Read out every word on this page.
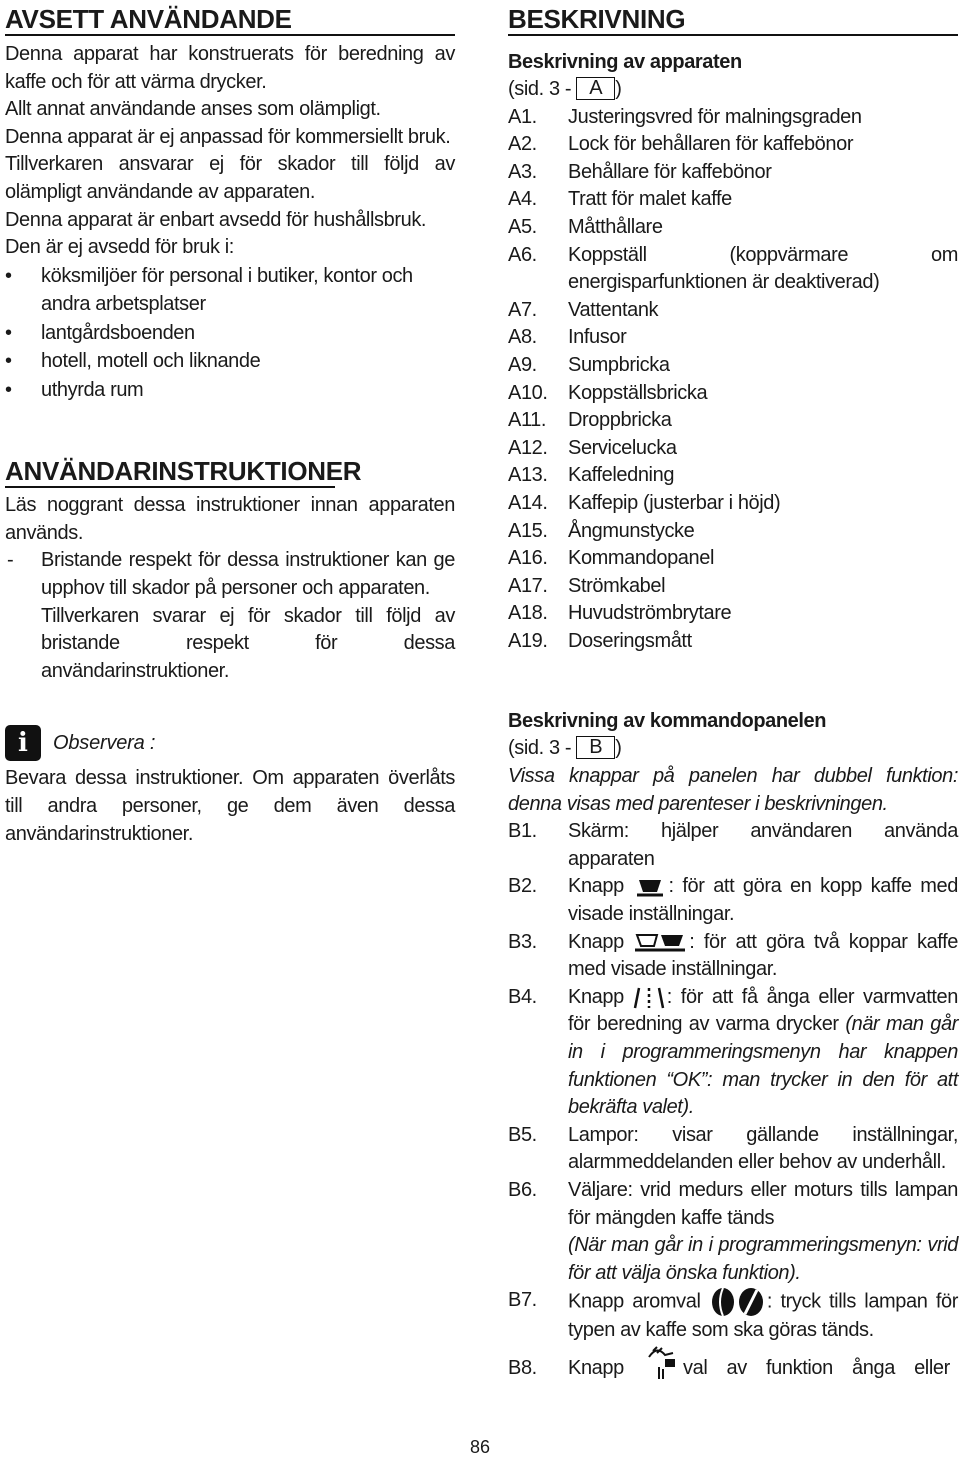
AVSETT ANVÄNDANDE

Denna apparat har konstruerats för beredning av kaffe och för att värma drycker.

Allt annat användande anses som olämpligt.

Denna apparat är ej anpassad för kommersiellt bruk.

Tillverkaren ansvarar ej för skador till följd av olämpligt användande av apparaten.

Denna apparat är enbart avsedd för hushållsbruk. Den är ej avsedd för bruk i:

• köksmiljöer för personal i butiker, kontor och andra arbetsplatser
• lantgårdsboenden
• hotell, motell och liknande
• uthyrda rum
ANVÄNDARINSTRUKTIONER

Läs noggrant dessa instruktioner innan apparaten används.

- Bristande respekt för dessa instruktioner kan ge upphov till skador på personer och apparaten.
Tillverkaren svarar ej för skador till följd av bristande respekt för dessa användarinstruktioner.
i	Observera :

Bevara dessa instruktioner. Om apparaten överlåts till andra personer, ge dem även dessa användarinstruktioner.

BESKRIVNING

Beskrivning av apparaten

(sid. 3 - A )

A1.	Justeringsvred för malningsgraden
A2.	Lock för behållaren för kaffebönor
A3.	Behållare för kaffebönor
A4.	Tratt för malet kaffe
A5.	Måtthållare
A6.	Koppställ (koppvärmare om energisparfunktionen är deaktiverad)
A7.	Vattentank
A8.	Infusor
A9.	Sumpbricka
A10.	Koppställsbricka
A11.	Droppbricka
A12.	Servicelucka
A13.	Kaffeledning
A14.	Kaffepip (justerbar i höjd)
A15.	Ångmunstycke
A16.	Kommandopanel
A17.	Strömkabel
A18.	Huvudströmbrytare
A19.	Doseringsmått

Beskrivning av kommandopanelen

(sid. 3 - B )

Vissa knappar på panelen har dubbel funktion: denna visas med parenteser i beskrivningen.

B1.	Skärm: hjälper användaren använda apparaten
B2.	Knapp : för att göra en kopp kaffe med visade inställningar.
B3.	Knapp	: för att göra två koppar kaffe med visade inställningar.
B4.	Knapp : för att få ånga eller varmvatten för beredning av varma drycker (när man går in i programmeringsmenyn har knappen funktionen “OK”: man trycker in den för att bekräfta valet).
B5.	Lampor: visar gällande inställningar, alarmmeddelanden eller behov av underhåll.
B6.	Väljare: vrid medurs eller moturs tills lampan för mängden kaffe tänds
(När man går in i programmeringsmenyn: vrid för att välja önska funktion).
B7.	Knapp aromval	: tryck tills lampan för typen av kaffe som ska göras tänds.
B8.	Knapp	val av funktion ånga eller
86
